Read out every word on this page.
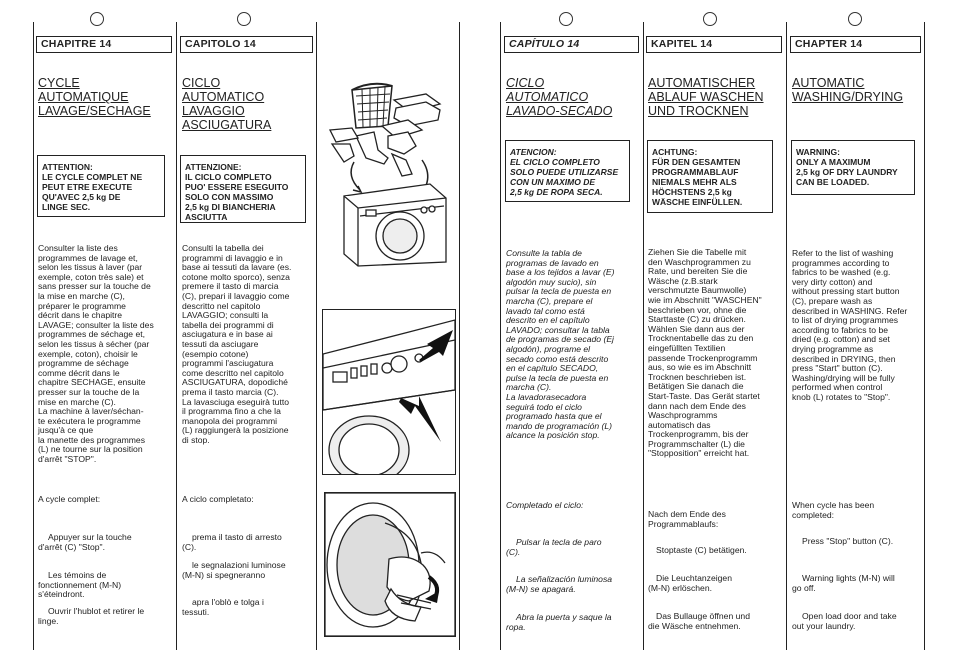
CHAPITRE 14
CYCLE
AUTOMATIQUE
LAVAGE/SECHAGE
ATTENTION:
LE CYCLE COMPLET NE
PEUT ETRE EXECUTE
QU'AVEC 2,5 kg DE
LINGE SEC.
Consulter la liste des
programmes de lavage et,
selon les tissus à laver (par
exemple, coton très sale) et
sans presser sur la touche de
la mise en marche (C),
préparer le programme
décrit dans le chapitre
LAVAGE; consulter la liste des
programmes de séchage et,
selon les tissus à sécher (par
exemple, coton), choisir le
programme de séchage
comme décrit dans le
chapitre SECHAGE, ensuite
presser sur la touche de la
mise en marche (C).
La machine à laver/séchan-
te exécutera le programme
jusqu'à ce que
la manette des programmes
(L) ne tourne sur la position
d'arrêt "STOP".
A cycle complet:
Appuyer sur la touche
d'arrêt (C) "Stop".
Les témoins de
fonctionnement (M-N)
s'éteindront.
Ouvrir l'hublot et retirer le
linge.
CAPITOLO 14
CICLO
AUTOMATICO
LAVAGGIO
ASCIUGATURA
ATTENZIONE:
IL CICLO COMPLETO
PUO' ESSERE ESEGUITO
SOLO CON MASSIMO
2,5 kg DI BIANCHERIA
ASCIUTTA
Consulti la tabella dei
programmi di lavaggio e in
base ai tessuti da lavare (es.
cotone molto sporco), senza
premere il tasto di marcia
(C), prepari il lavaggio come
descritto nel capitolo
LAVAGGIO; consulti la
tabella dei programmi di
asciugatura e in base ai
tessuti da asciugare
(esempio cotone)
programmi l'asciugatura
come descritto nel capitolo
ASCIUGATURA, dopodiché
prema il tasto marcia (C).
La lavasciuga eseguirà tutto
il programma fino a che la
manopola dei programmi
(L) raggiungerà la posizione
di stop.
A ciclo completato:
prema il tasto di arresto
(C).
le segnalazioni luminose
(M-N) si spegneranno
apra l'oblò e tolga i
tessuti.
CAPÍTULO 14
CICLO
AUTOMATICO
LAVADO-SECADO
ATENCION:
EL CICLO COMPLETO
SOLO PUEDE UTILIZARSE
CON UN MAXIMO DE
2,5 kg DE ROPA SECA.
Consulte la tabla de
programas de lavado en
base a los tejidos a lavar (E)
algodón muy sucio), sin
pulsar la tecla de puesta en
marcha (C), prepare el
lavado tal como está
descrito en el capítulo
LAVADO; consultar la tabla
de programas de secado (Ej
algodón), programe el
secado como está descrito
en el capítulo SECADO,
pulse la tecla de puesta en
marcha (C).
La lavadorasecadora
seguirá todo el ciclo
programado hasta que el
mando de programación (L)
alcance la posición stop.
Completado el ciclo:
Pulsar la tecla de paro
(C).
La señalización luminosa
(M-N) se apagará.
Abra la puerta y saque la
ropa.
KAPITEL 14
AUTOMATISCHER
ABLAUF WASCHEN
UND TROCKNEN
ACHTUNG:
FÜR DEN GESAMTEN
PROGRAMMABLAUF
NIEMALS MEHR ALS
HÖCHSTENS 2,5 kg
WÄSCHE EINFÜLLEN.
Ziehen Sie die Tabelle mit
den Waschprogrammen zu
Rate, und bereiten Sie die
Wäsche (z.B.stark
verschmutzte Baumwolle)
wie im Abschnitt "WASCHEN"
beschrieben vor, ohne die
Starttaste (C) zu drücken.
Wählen Sie dann aus der
Trocknentabelle das zu den
eingefüllten Textilien
passende Trockenprogramm
aus, so wie es im Abschnitt
Trocknen beschrieben ist.
Betätigen Sie danach die
Start-Taste. Das Gerät startet
dann nach dem Ende des
Waschprogramms
automatisch das
Trockenprogramm, bis der
Programmschalter (L) die
"Stopposition" erreicht hat.
Nach dem Ende des
Programmablaufs:
Stoptaste (C) betätigen.
Die Leuchtanzeigen
(M-N) erlöschen.
Das Bullauge öffnen und
die Wäsche entnehmen.
CHAPTER 14
AUTOMATIC
WASHING/DRYING
WARNING:
ONLY A MAXIMUM
2,5 kg OF DRY LAUNDRY
CAN BE LOADED.
Refer to the list of washing
programmes according to
fabrics to be washed (e.g.
very dirty cotton) and
without pressing start button
(C), prepare wash as
described in WASHING. Refer
to list of drying programmes
according to fabrics to be
dried (e.g. cotton) and set
drying programme as
described in DRYING, then
press "Start" button (C).
Washing/drying will be fully
performed when control
knob (L) rotates to "Stop".
When cycle has been
completed:
Press "Stop" button (C).
Warning lights (M-N) will
go off.
Open load door and take
out your laundry.
